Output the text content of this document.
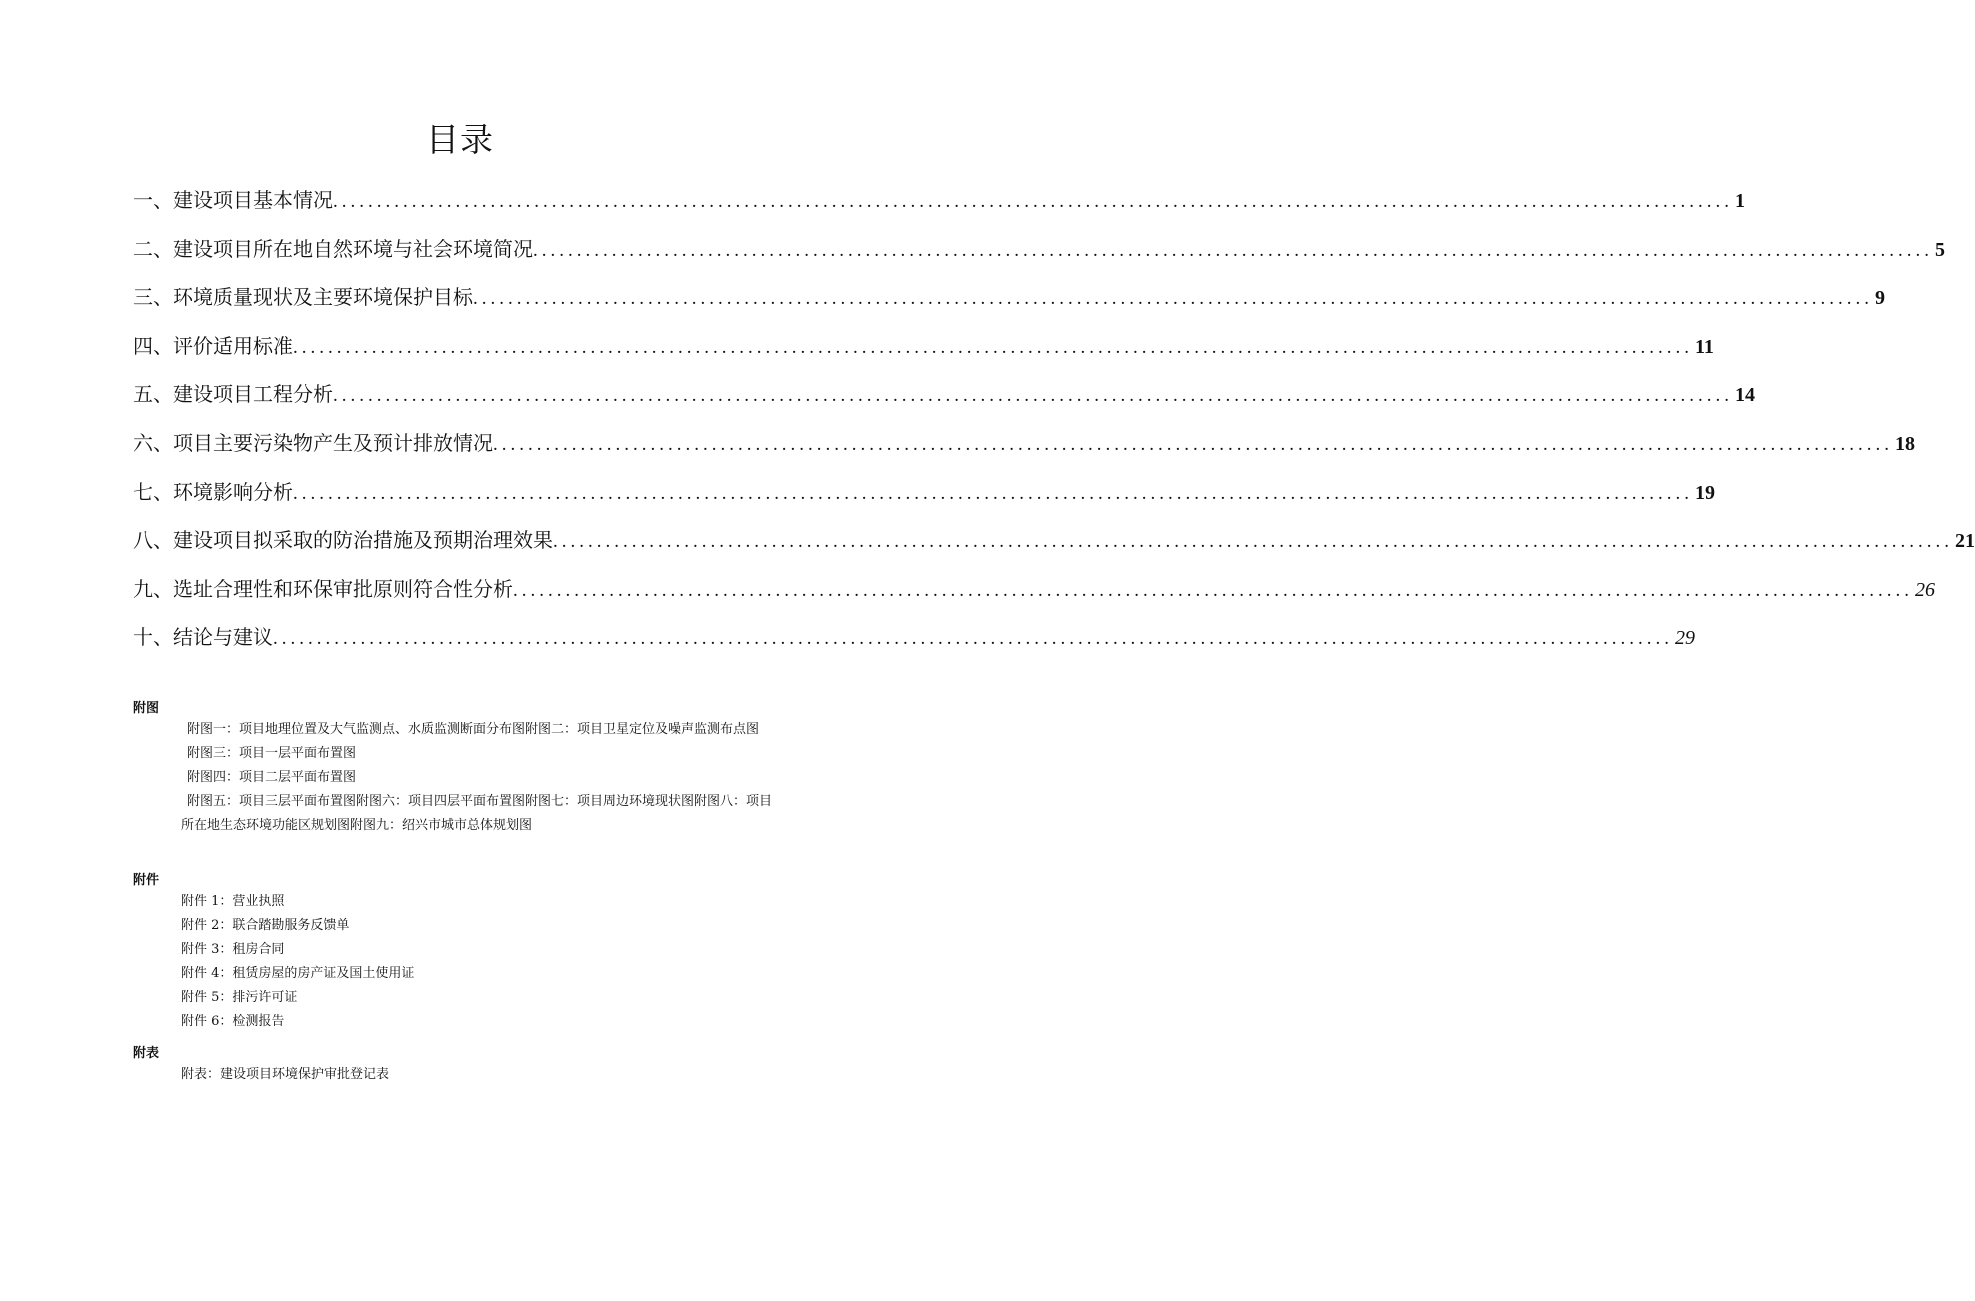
目录
一、 建设项目基本情况 ................................................................................................................................................................ 1
二、 建设项目所在地自然环境与社会环境简况 ................................................................................................................................................................ 5
三、 环境质量现状及主要环境保护目标 ................................................................................................................................................................ 9
四、 评价适用标准 ................................................................................................................................................................ 11
五、 建设项目工程分析 ................................................................................................................................................................ 14
六、 项目主要污染物产生及预计排放情况 ................................................................................................................................................................ 18
七、 环境影响分析 ................................................................................................................................................................ 19
八、 建设项目拟采取的防治措施及预期治理效果 ................................................................................................................................................................ 21
九、 选址合理性和环保审批原则符合性分析 ................................................................................................................................................................ 26
十、 结论与建议 ................................................................................................................................................................ 29
附图
附图一：项目地理位置及大气监测点、水质监测断面分布图附图二：项目卫星定位及噪声监测布点图
附图三：项目一层平面布置图
附图四：项目二层平面布置图
附图五：项目三层平面布置图附图六：项目四层平面布置图附图七：项目周边环境现状图附图八：项目所在地生态环境功能区规划图附图九：绍兴市城市总体规划图
附件
附件 1：营业执照
附件 2：联合踏勘服务反馈单
附件 3：租房合同
附件 4：租赁房屋的房产证及国土使用证
附件 5：排污许可证
附件 6：检测报告
附表
附表：建设项目环境保护审批登记表
